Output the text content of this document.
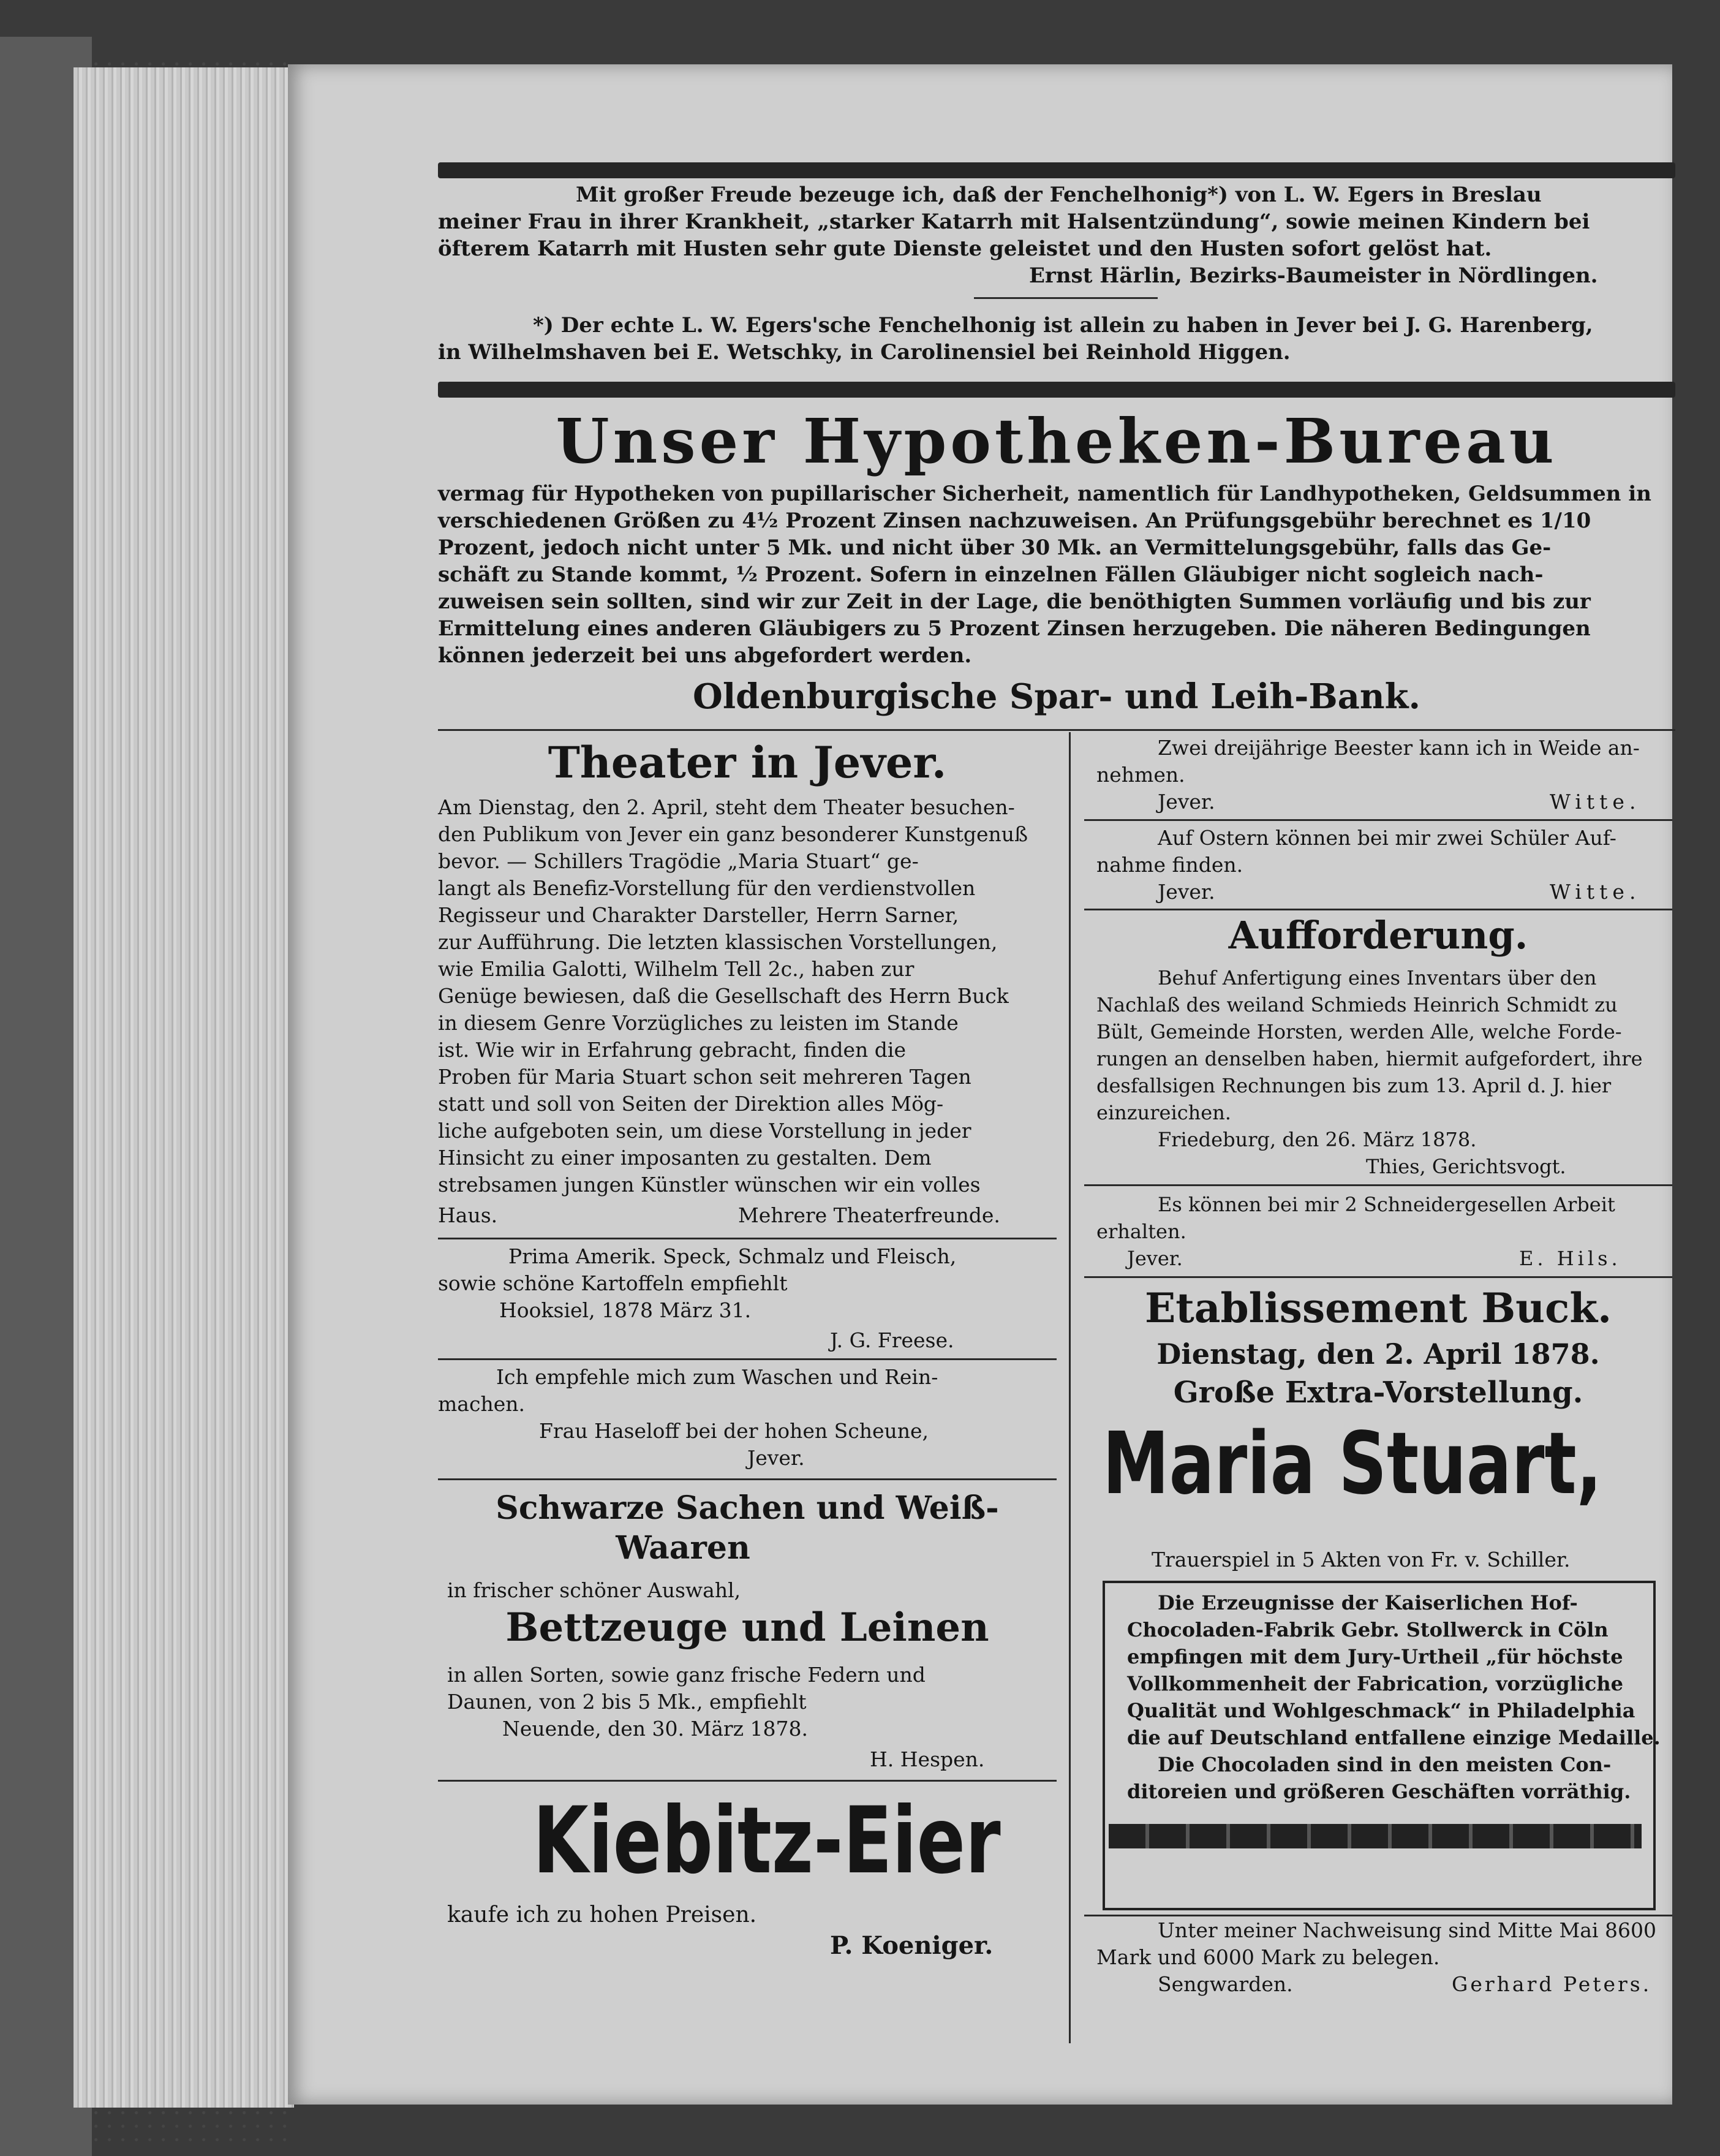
Mit großer Freude bezeuge ich, daß der Fenchelhonig*) von L. W. Egers in Breslau
meiner Frau in ihrer Krankheit, „starker Katarrh mit Halsentzündung“, sowie meinen Kindern bei
öfterem Katarrh mit Husten sehr gute Dienste geleistet und den Husten sofort gelöst hat.
Ernst Härlin, Bezirks-Baumeister in Nördlingen.
*) Der echte L. W. Egers'sche Fenchelhonig ist allein zu haben in Jever bei J. G. Harenberg,
in Wilhelmshaven bei E. Wetschky, in Carolinensiel bei Reinhold Higgen.
Unser Hypotheken-Bureau
vermag für Hypotheken von pupillarischer Sicherheit, namentlich für Landhypotheken, Geldsummen in
verschiedenen Größen zu 4½ Prozent Zinsen nachzuweisen. An Prüfungsgebühr berechnet es 1/10
Prozent, jedoch nicht unter 5 Mk. und nicht über 30 Mk. an Vermittelungsgebühr, falls das Ge-
schäft zu Stande kommt, ½ Prozent. Sofern in einzelnen Fällen Gläubiger nicht sogleich nach-
zuweisen sein sollten, sind wir zur Zeit in der Lage, die benöthigten Summen vorläufig und bis zur
Ermittelung eines anderen Gläubigers zu 5 Prozent Zinsen herzugeben. Die näheren Bedingungen
können jederzeit bei uns abgefordert werden.
Oldenburgische Spar- und Leih-Bank.
Theater in Jever.
Am Dienstag, den 2. April, steht dem Theater besuchen-
den Publikum von Jever ein ganz besonderer Kunstgenuß
bevor. — Schillers Tragödie „Maria Stuart“ ge-
langt als Benefiz-Vorstellung für den verdienstvollen
Regisseur und Charakter Darsteller, Herrn Sarner,
zur Aufführung. Die letzten klassischen Vorstellungen,
wie Emilia Galotti, Wilhelm Tell 2c., haben zur
Genüge bewiesen, daß die Gesellschaft des Herrn Buck
in diesem Genre Vorzügliches zu leisten im Stande
ist. Wie wir in Erfahrung gebracht, finden die
Proben für Maria Stuart schon seit mehreren Tagen
statt und soll von Seiten der Direktion alles Mög-
liche aufgeboten sein, um diese Vorstellung in jeder
Hinsicht zu einer imposanten zu gestalten. Dem
strebsamen jungen Künstler wünschen wir ein volles
Haus.	Mehrere Theaterfreunde.
Prima Amerik. Speck, Schmalz und Fleisch,
sowie schöne Kartoffeln empfiehlt
Hooksiel, 1878 März 31.
J. G. Freese.
Ich empfehle mich zum Waschen und Rein-
machen.
Frau Haseloff bei der hohen Scheune,
Jever.
Schwarze Sachen und Weiß-
Waaren
in frischer schöner Auswahl,
Bettzeuge und Leinen
in allen Sorten, sowie ganz frische Federn und
Daunen, von 2 bis 5 Mk., empfiehlt
Neuende, den 30. März 1878.
H. Hespen.
Kiebitz-Eier
kaufe ich zu hohen Preisen.
P. Koeniger.
Zwei dreijährige Beester kann ich in Weide an-
nehmen.
Jever.	Witte.
Auf Ostern können bei mir zwei Schüler Auf-
nahme finden.
Jever.	Witte.
Aufforderung.
Behuf Anfertigung eines Inventars über den
Nachlaß des weiland Schmieds Heinrich Schmidt zu
Bült, Gemeinde Horsten, werden Alle, welche Forde-
rungen an denselben haben, hiermit aufgefordert, ihre
desfallsigen Rechnungen bis zum 13. April d. J. hier
einzureichen.
Friedeburg, den 26. März 1878.
Thies, Gerichtsvogt.
Es können bei mir 2 Schneidergesellen Arbeit
erhalten.
Jever.	E. Hils.
Etablissement Buck.
Dienstag, den 2. April 1878.
Große Extra-Vorstellung.
Maria Stuart,
Trauerspiel in 5 Akten von Fr. v. Schiller.
Die Erzeugnisse der Kaiserlichen Hof-
Chocoladen-Fabrik Gebr. Stollwerck in Cöln
empfingen mit dem Jury-Urtheil „für höchste
Vollkommenheit der Fabrication, vorzügliche
Qualität und Wohlgeschmack“ in Philadelphia
die auf Deutschland entfallene einzige Medaille.
Die Chocoladen sind in den meisten Con-
ditoreien und größeren Geschäften vorräthig.
Unter meiner Nachweisung sind Mitte Mai 8600
Mark und 6000 Mark zu belegen.
Sengwarden.	Gerhard Peters.
